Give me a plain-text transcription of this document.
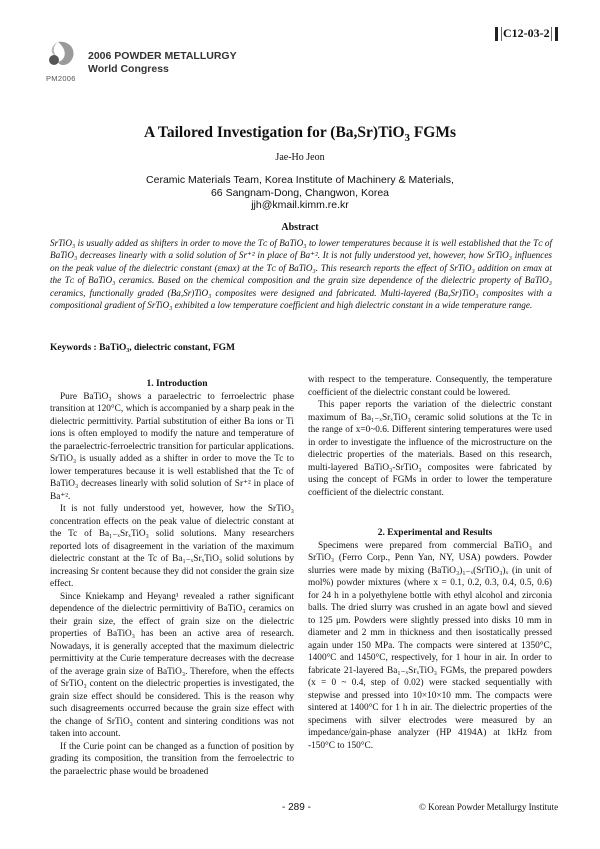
PM2006
2006 POWDER METALLURGY
World Congress
C12-03-2
A Tailored Investigation for (Ba,Sr)TiO$_3$ FGMs
Jae-Ho Jeon
Ceramic Materials Team, Korea Institute of Machinery & Materials,
66 Sangnam-Dong, Changwon, Korea
jjh@kmail.kimm.re.kr
Abstract
SrTiO₃ is usually added as shifters in order to move the Tᴄ of BaTiO₃ to lower temperatures because it is well established that the Tᴄ of BaTiO₃ decreases linearly with a solid solution of Sr⁺² in place of Ba⁺². It is not fully understood yet, however, how SrTiO₃ influences on the peak value of the dielectric constant (εmax) at the Tᴄ of BaTiO₃. This research reports the effect of SrTiO₃ addition on εmax at the Tᴄ of BaTiO₃ ceramics. Based on the chemical composition and the grain size dependence of the dielectric property of BaTiO₃ ceramics, functionally graded (Ba,Sr)TiO₃ composites were designed and fabricated. Multi-layered (Ba,Sr)TiO₃ composites with a compositional gradient of SrTiO₃ exhibited a low temperature coefficient and high dielectric constant in a wide temperature range.
Keywords : BaTiO₃, dielectric constant, FGM

1. Introduction

Pure BaTiO₃ shows a paraelectric to ferroelectric phase transition at 120°C, which is accompanied by a sharp peak in the dielectric permittivity. Partial substitution of either Ba ions or Ti ions is often employed to modify the nature and temperature of the paraelectric-ferroelectric transition for particular applications. SrTiO₃ is usually added as a shifter in order to move the Tc to lower temperatures because it is well established that the Tc of BaTiO₃ decreases linearly with solid solution of Sr⁺² in place of Ba⁺².

It is not fully understood yet, however, how the SrTiO₃ concentration effects on the peak value of dielectric constant at the Tc of Ba₁₋ₓSrₓTiO₃ solid solutions. Many researchers reported lots of disagreement in the variation of the maximum dielectric constant at the Tc of Ba₁₋ₓSrₓTiO₃ solid solutions by increasing Sr content because they did not consider the grain size effect.

Since Kniekamp and Heyang¹ revealed a rather significant dependence of the dielectric permittivity of BaTiO₃ ceramics on their grain size, the effect of grain size on the dielectric properties of BaTiO₃ has been an active area of research. Nowadays, it is generally accepted that the maximum dielectric permittivity at the Curie temperature decreases with the decrease of the average grain size of BaTiO₃. Therefore, when the effects of SrTiO₃ content on the dielectric properties is investigated, the grain size effect should be considered. This is the reason why such disagreements occurred because the grain size effect with the change of SrTiO₃ content and sintering conditions was not taken into account.

If the Curie point can be changed as a function of position by grading its composition, the transition from the ferroelectric to the paraelectric phase would be broadened

with respect to the temperature. Consequently, the temperature coefficient of the dielectric constant could be lowered.

This paper reports the variation of the dielectric constant maximum of Ba₁₋ₓSrₓTiO₃ ceramic solid solutions at the Tc in the range of x=0~0.6. Different sintering temperatures were used in order to investigate the influence of the microstructure on the dielectric properties of the materials. Based on this research, multi-layered BaTiO₃-SrTiO₃ composites were fabricated by using the concept of FGMs in order to lower the temperature coefficient of the dielectric constant.

2. Experimental and Results

Specimens were prepared from commercial BaTiO₃ and SrTiO₃ (Ferro Corp., Penn Yan, NY, USA) powders. Powder slurries were made by mixing (BaTiO₃)₁₋ₓ(SrTiO₃)ₓ (in unit of mol%) powder mixtures (where x = 0.1, 0.2, 0.3, 0.4, 0.5, 0.6) for 24 h in a polyethylene bottle with ethyl alcohol and zirconia balls. The dried slurry was crushed in an agate bowl and sieved to 125 μm. Powders were slightly pressed into disks 10 mm in diameter and 2 mm in thickness and then isostatically pressed again under 150 MPa. The compacts were sintered at 1350°C, 1400°C and 1450°C, respectively, for 1 hour in air. In order to fabricate 21-layered Ba₁₋ₓSrₓTiO₃ FGMs, the prepared powders (x = 0 ~ 0.4, step of 0.02) were stacked sequentially with stepwise and pressed into 10×10×10 mm. The compacts were sintered at 1400°C for 1 h in air. The dielectric properties of the specimens with silver electrodes were measured by an impedance/gain-phase analyzer (HP 4194A) at 1kHz from -150°C to 150°C.

- 289 -	© Korean Powder Metallurgy Institute
